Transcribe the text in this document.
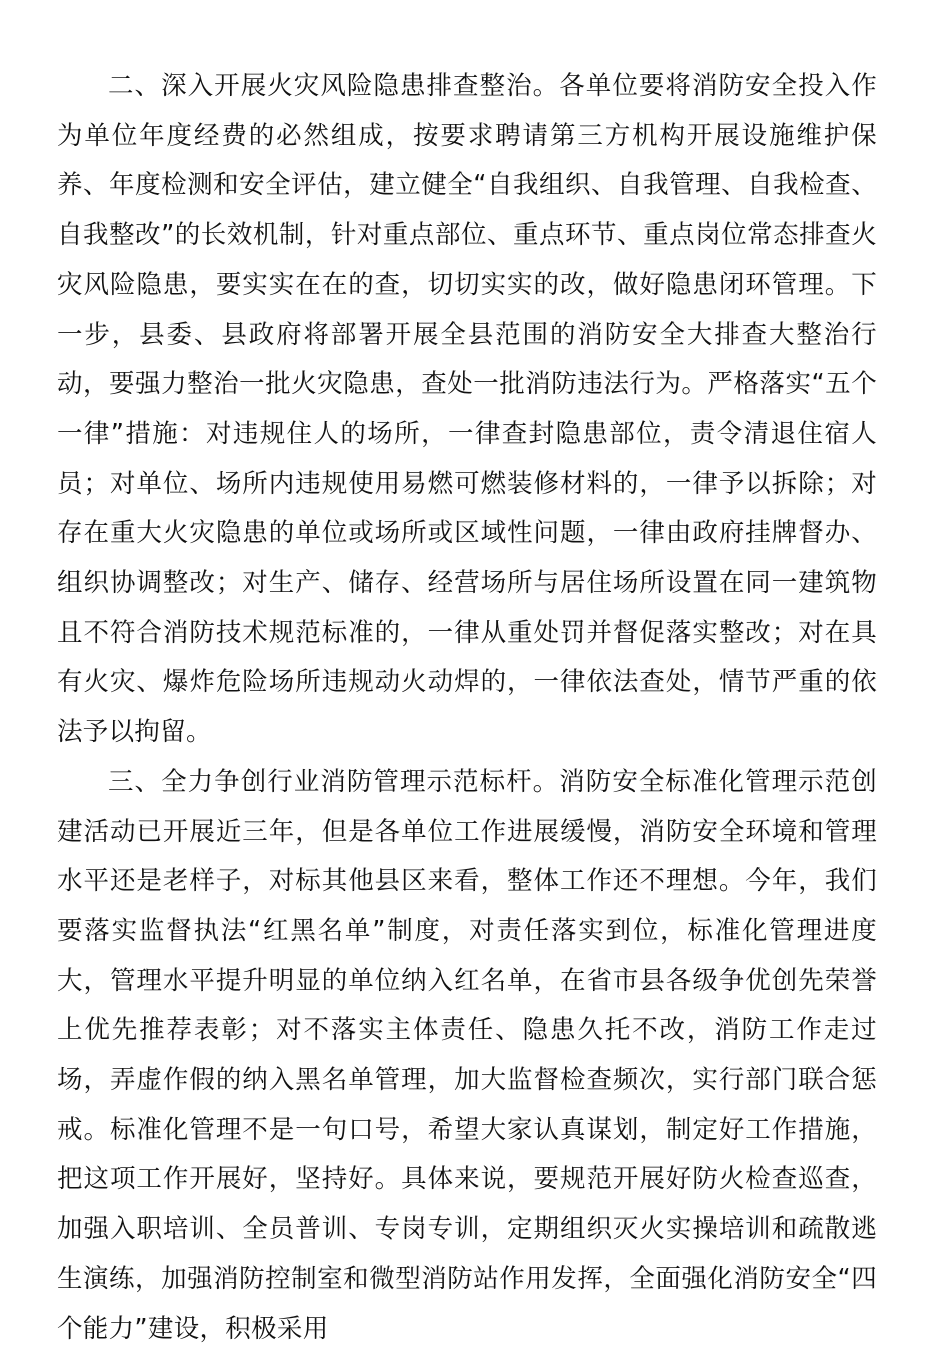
二、深入开展火灾风险隐患排查整治。各单位要将消防安全投入作为单位年度经费的必然组成，按要求聘请第三方机构开展设施维护保养、年度检测和安全评估，建立健全“自我组织、自我管理、自我检查、自我整改”的长效机制，针对重点部位、重点环节、重点岗位常态排查火灾风险隐患，要实实在在的查，切切实实的改，做好隐患闭环管理。下一步，县委、县政府将部署开展全县范围的消防安全大排查大整治行动，要强力整治一批火灾隐患，查处一批消防违法行为。严格落实“五个一律”措施：对违规住人的场所，一律查封隐患部位，责令清退住宿人员；对单位、场所内违规使用易燃可燃装修材料的，一律予以拆除；对存在重大火灾隐患的单位或场所或区域性问题，一律由政府挂牌督办、组织协调整改；对生产、储存、经营场所与居住场所设置在同一建筑物且不符合消防技术规范标准的，一律从重处罚并督促落实整改；对在具有火灾、爆炸危险场所违规动火动焊的，一律依法查处，情节严重的依法予以拘留。

三、全力争创行业消防管理示范标杆。消防安全标准化管理示范创建活动已开展近三年，但是各单位工作进展缓慢，消防安全环境和管理水平还是老样子，对标其他县区来看，整体工作还不理想。今年，我们要落实监督执法“红黑名单”制度，对责任落实到位，标准化管理进度大，管理水平提升明显的单位纳入红名单，在省市县各级争优创先荣誉上优先推荐表彰；对不落实主体责任、隐患久托不改，消防工作走过场，弄虚作假的纳入黑名单管理，加大监督检查频次，实行部门联合惩戒。标准化管理不是一句口号，希望大家认真谋划，制定好工作措施，把这项工作开展好，坚持好。具体来说，要规范开展好防火检查巡查，加强入职培训、全员普训、专岗专训，定期组织灭火实操培训和疏散逃生演练，加强消防控制室和微型消防站作用发挥，全面强化消防安全“四个能力”建设，积极采用
